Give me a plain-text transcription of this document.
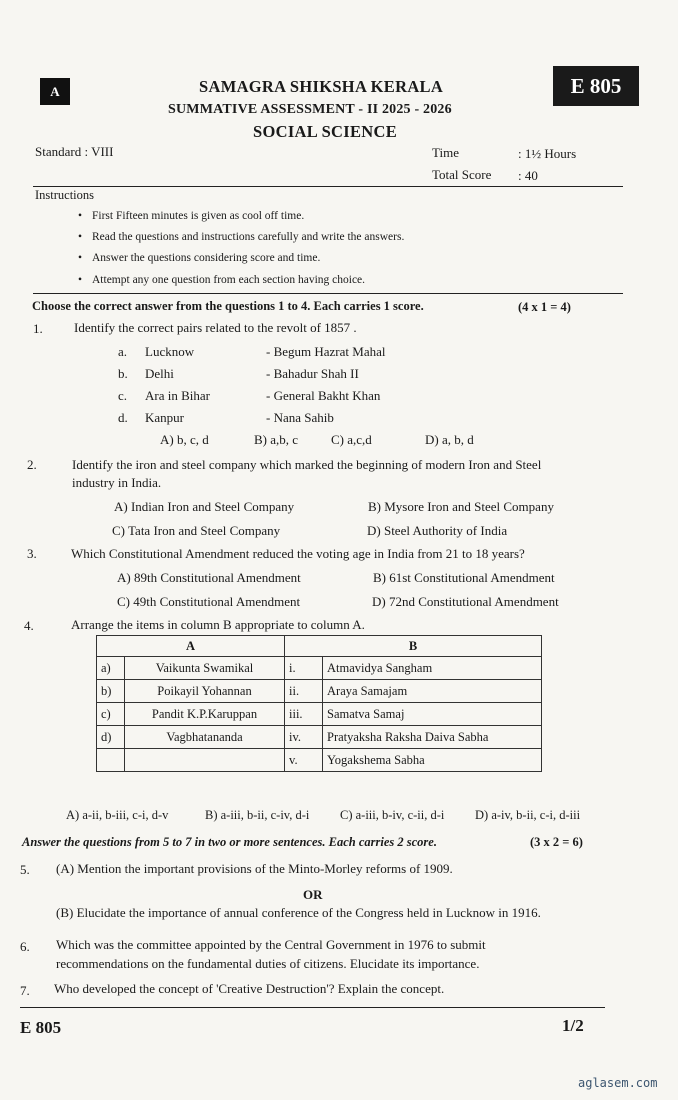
A	E 805
SAMAGRA SHIKSHA KERALA
SUMMATIVE ASSESSMENT - II 2025 - 2026
SOCIAL SCIENCE
Standard : VIII	Time	: 1½ Hours
Total Score : 40
Instructions
• First Fifteen minutes is given as cool off time.
• Read the questions and instructions carefully and write the answers.
• Answer the questions considering score and time.
• Attempt any one question from each section having choice.
Choose the correct answer from the questions 1 to 4. Each carries 1 score.	(4 x 1 = 4)
1. Identify the correct pairs related to the revolt of 1857 .
a. Lucknow	- Begum Hazrat Mahal
b. Delhi	- Bahadur Shah II
c. Ara in Bihar	- General Bakht Khan
d. Kanpur	- Nana Sahib
A) b, c, d	B) a,b, c	C) a,c,d	D) a, b, d
2.	Identify the iron and steel company which marked the beginning of modern Iron and Steel
industry in India.
A) Indian Iron and Steel Company	B) Mysore Iron and Steel Company
C) Tata Iron and Steel Company	D) Steel Authority of India
3.	Which Constitutional Amendment reduced the voting age in India from 21 to 18 years?
A) 89th Constitutional Amendment	B) 61st Constitutional Amendment
C) 49th Constitutional Amendment	D) 72nd Constitutional Amendment
4.	Arrange the items in column B appropriate to column A.
A		B	
a)	Vaikunta Swamikal	i.	Atmavidya Sangham
b)	Poikayil Yohannan	ii.	Araya Samajam
c)	Pandit K.P.Karuppan	iii.	Samatva Samaj
d)	Vagbhatananda	iv.	Pratyaksha Raksha Daiva Sabha
		v.	Yogakshema Sabha
A) a-ii, b-iii, c-i, d-v	B) a-iii, b-ii, c-iv, d-i C) a-iii, b-iv, c-ii, d-i D) a-iv, b-ii, c-i, d-iii
Answer the questions from 5 to 7 in two or more sentences. Each carries 2 score.	(3 x 2 = 6)
5. (A) Mention the important provisions of the Minto-Morley reforms of 1909.
OR
(B) Elucidate the importance of annual conference of the Congress held in Lucknow in 1916.
6. Which was the committee appointed by the Central Government in 1976 to submit
recommendations on the fundamental duties of citizens. Elucidate its importance.
7. Who developed the concept of 'Creative Destruction'? Explain the concept.
E 805	1/2
aglasem.com
